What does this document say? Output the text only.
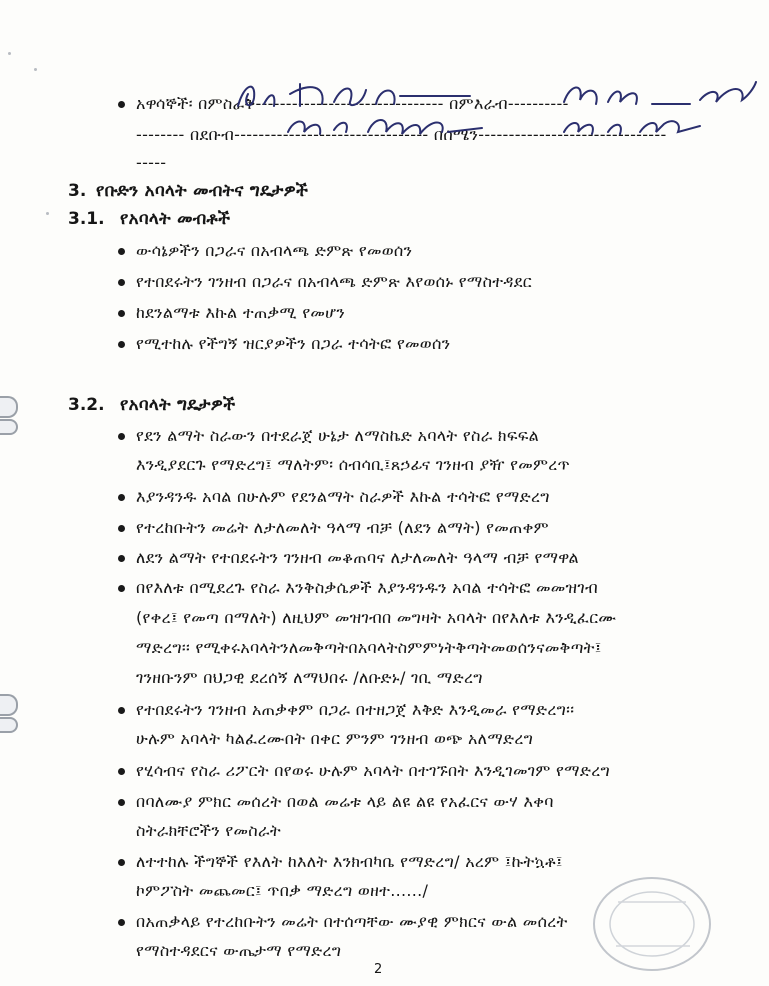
አዋሳኞች፡ በምስራቅ------------------------------- በምእራብ----------
-------- በደቡብ-------------------------------- በሰሜን-------------------------------
-----
3. የቡድን አባላት መብትና ግዴታዎች
3.1. የአባላት መብቶች
ውሳኔዎችን በጋራና በአብላጫ ድምጽ የመወሰን
የተበደሩትን ገንዘብ በጋራና በአብላጫ ድምጽ እየወሰኑ የማስተዳደር
ከደንልማቱ እኩል ተጠቃሚ የመሆን
የሚተከሉ የችግኝ ዝርያዎችን በጋራ ተሳትፎ የመወሰን
3.2. የአባላት ግዴታዎች
የደን ልማት ስራውን በተደራጀ ሁኔታ ለማስኬድ አባላት የስራ ክፍፍል
እንዲያደርጉ የማድረግ፤ ማለትም፡ ሰብሳቢ፤ጸኃፊና ገንዘብ ያዥ የመምረጥ
እያንዳንዱ አባል በሁሉም የደንልማት ስራዎች እኩል ተሳትፎ የማድረግ
የተረከቡትን መሬት ለታለመለት ዓላማ ብቻ (ለደን ልማት) የመጠቀም
ለደን ልማት የተበደሩትን ገንዘብ መቆጠባና ለታለመለት ዓላማ ብቻ የማዋል
በየእለቱ በሚደረጉ የስራ እንቅስቃሴዎች እያንዳንዱን አባል ተሳትፎ መመዝገብ
(የቀረ፤ የመጣ በማለት) ለዚህም መዝገብበ መግዛት አባላት በየእለቱ እንዲፈርሙ
ማድረግ፡፡ የሚቀሩአባላትንለመቅጣትበአባላትስምምነትቅጣትመወሰንናመቅጣት፤
ገንዘቡንም በህጋዊ ደረሰኝ ለማህበሩ /ለቡድኑ/ ገቢ ማድረግ
የተበደሩትን ገንዘብ አጠቃቀም በጋራ በተዘጋጀ እቅድ እንዲመራ የማድረግ፡፡
ሁሉም አባላት ካልፈረሙበት በቀር ምንም ገንዘብ ወጭ አለማድረግ
የሂሳብና የስራ ሪፖርት በየወሩ ሁሉም አባላት በተገኙበት እንዲገመገም የማድረግ
በባለሙያ ምክር መሰረት በወል መሬቱ ላይ ልዩ ልዩ የአፈርና ውሃ እቀባ
ስትራክቸሮችን የመስራት
ለተተከሉ ችግኞች የእለት ከእለት እንክብካቤ የማድረግ/ አረም ፤ኩትኳቶ፤
ኮምፖስት መጨመር፤ ጥበቃ ማድረግ ወዘተ....../
በአጠቃላይ የተረከቡትን መሬት በተሰጣቸው ሙያዊ ምክርና ውል መሰረት
የማስተዳደርና ውጤታማ የማድረግ
2
